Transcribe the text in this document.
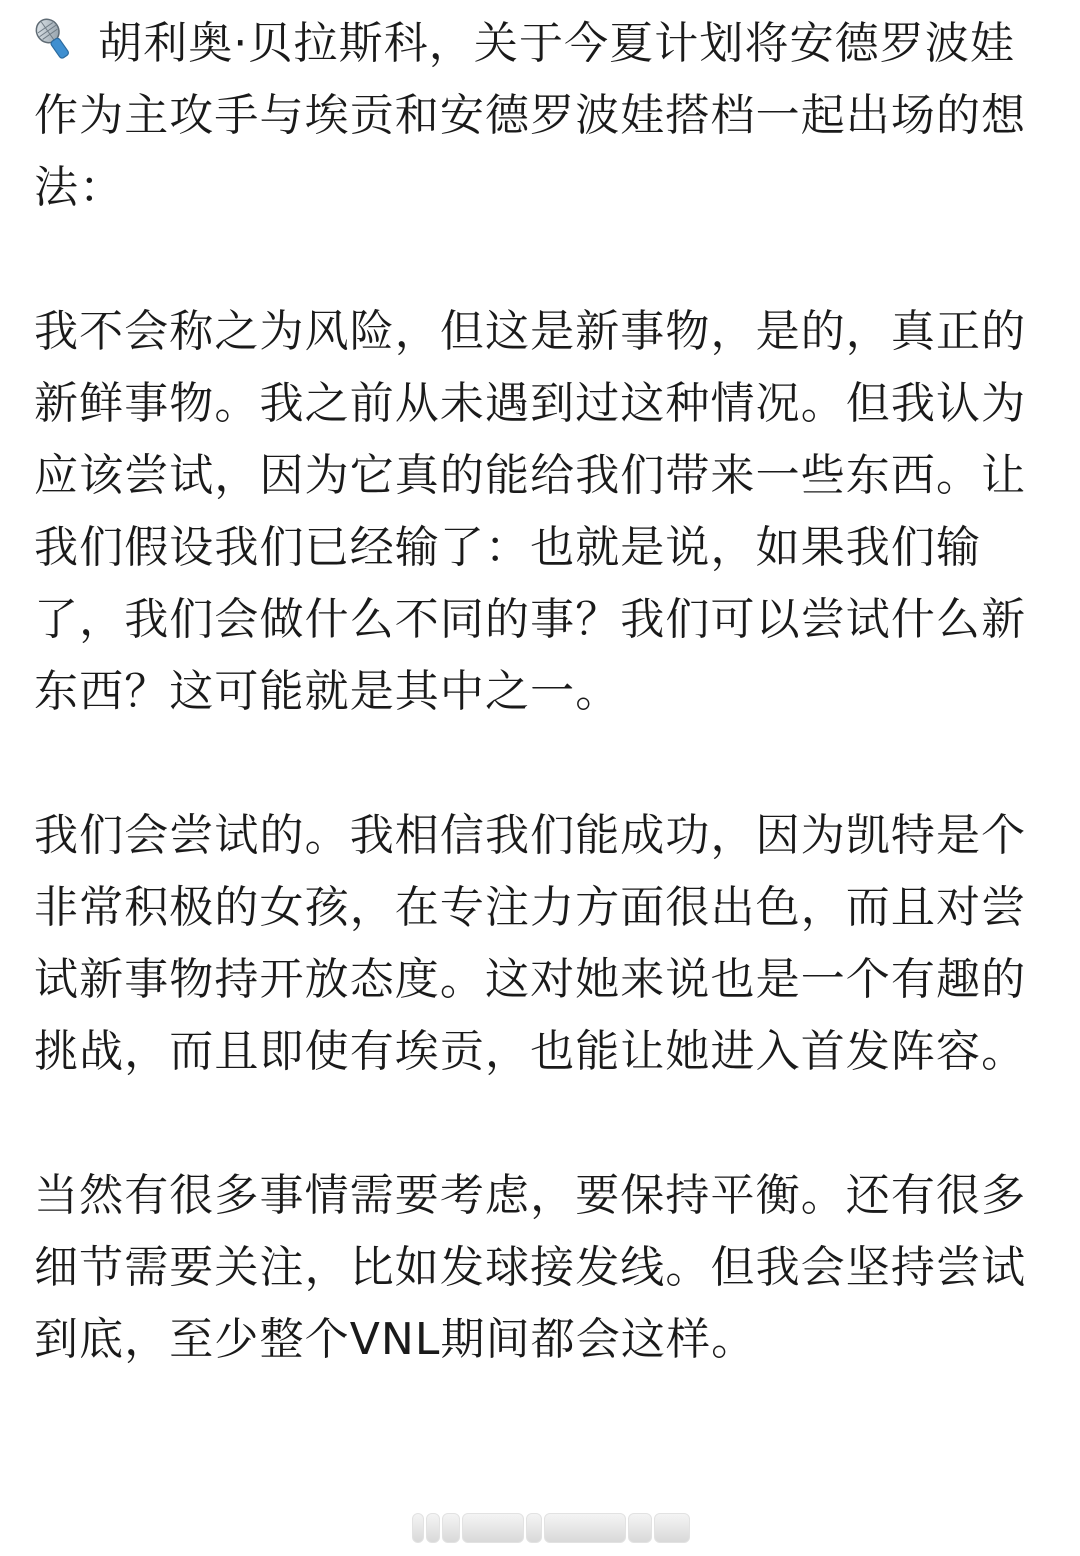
胡利奥·贝拉斯科，关于今夏计划将安德罗波娃作为主攻手与埃贡和安德罗波娃搭档一起出场的想法：

我不会称之为风险，但这是新事物，是的，真正的新鲜事物。我之前从未遇到过这种情况。但我认为应该尝试，因为它真的能给我们带来一些东西。让我们假设我们已经输了：也就是说，如果我们输了，我们会做什么不同的事？我们可以尝试什么新东西？这可能就是其中之一。

我们会尝试的。我相信我们能成功，因为凯特是个非常积极的女孩，在专注力方面很出色，而且对尝试新事物持开放态度。这对她来说也是一个有趣的挑战，而且即使有埃贡，也能让她进入首发阵容。

当然有很多事情需要考虑，要保持平衡。还有很多细节需要关注，比如发球接发线。但我会坚持尝试到底，至少整个VNL期间都会这样。
